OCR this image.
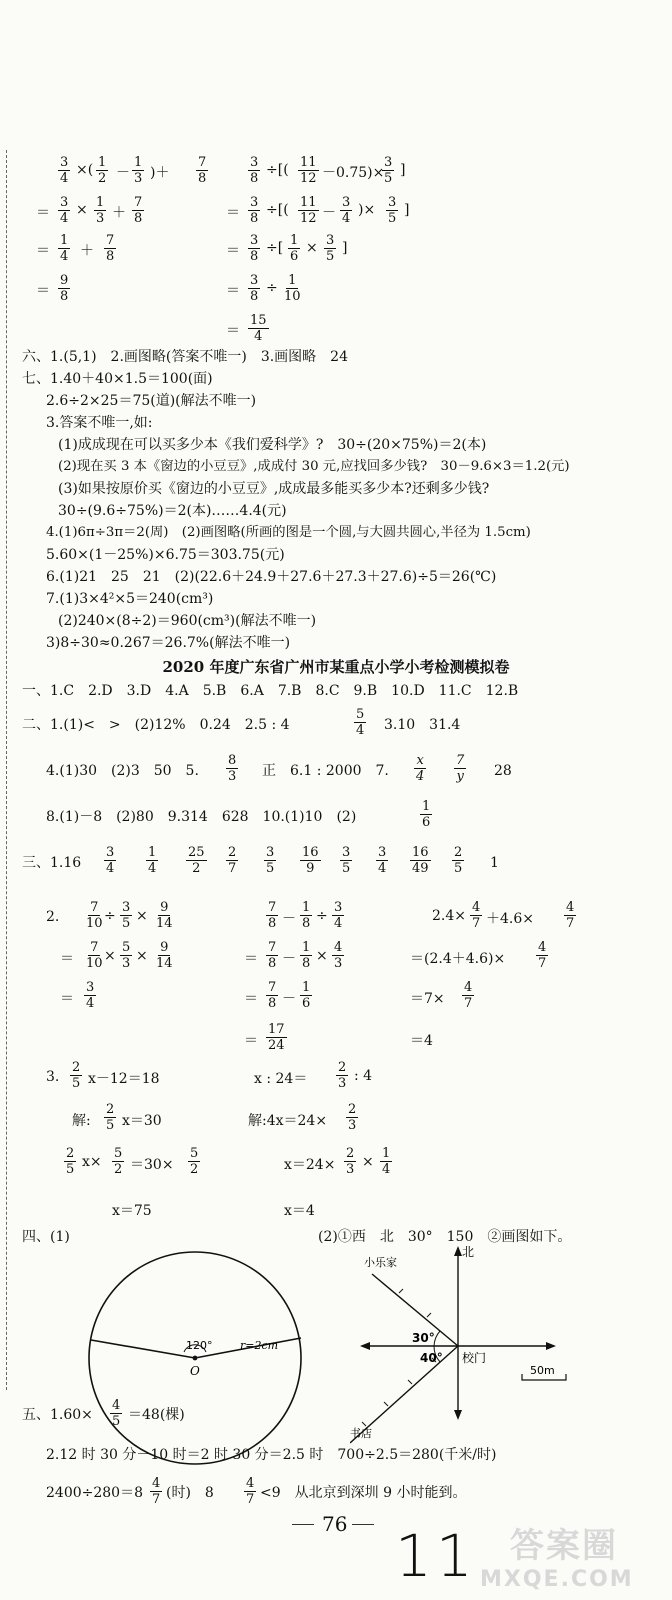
$\frac{3}{4}$ ×( $\frac{1}{2} - \frac{1}{3}$ )＋ $\frac{7}{8}$
＝ $\frac{3}{4} \times \frac{1}{3} + \frac{7}{8}$
＝ $\frac{1}{4} + \frac{7}{8}$
＝ $\frac{9}{8}$
$\frac{3}{8}$ ÷[( $\frac{11}{12} -0.75)\times$
$\frac{3}{5}$ ]
＝ $\frac{3}{8}$ ÷[( $\frac{11}{12} - \frac{3}{4}$ )× $\frac{3}{5}$ ]
＝ $\frac{3}{8}$ ÷[ $\frac{1}{6} \times \frac{3}{5}$ ]
＝ $\frac{3}{8} \div \frac{1}{10}$
＝ $\frac{15}{4}$
六、1.(5,1)　2.画图略(答案不唯一)　3.画图略　24
七、1.40＋40×1.5＝100(面)
2.6÷2×25＝75(道)(解法不唯一)
3.答案不唯一,如:
(1)成成现在可以买多少本《我们爱科学》?　30÷(20×75%)＝2(本)
(2)现在买 3 本《窗边的小豆豆》,成成付 30 元,应找回多少钱?　30－9.6×3＝1.2(元)
(3)如果按原价买《窗边的小豆豆》,成成最多能买多少本?还剩多少钱?
30÷(9.6÷75%)＝2(本)……4.4(元)
4.(1)6π÷3π＝2(周)　(2)画图略(所画的图是一个圆,与大圆共圆心,半径为 1.5cm)
5.60×(1－25%)×6.75＝303.75(元)
6.(1)21　25　21　(2)(22.6＋24.9＋27.6＋27.3＋27.6)÷5＝26(℃)
7.(1)3×4²×5＝240(cm³)
(2)240×(8÷2)＝960(cm³)(解法不唯一)
3)8÷30≈0.267＝26.7%(解法不唯一)
2020 年度广东省广州市某重点小学小考检测模拟卷
一、1.C　2.D　3.D　4.A　5.B　6.A　7.B　8.C　9.B　10.D　11.C　12.B
二、1.(1)<　>　(2)12%　0.24　2.5 : 4	$\frac{5}{4} 3.10$　31.4
4.(1)30　(2)3　50　5. $\frac{8}{3}$ 正　6.1 : 2000　7. $\frac{x}{4} \frac{7}{y} 28$
8.(1)－8　(2)80　9.314　628　10.(1)10　(2)	$\frac{1}{6}$
三、$1.16 \frac{3}{4} \frac{1}{4} \frac{25}{2} \frac{2}{7} \frac{3}{5} \frac{16}{9} \frac{3}{5} \frac{3}{4} \frac{16}{49} \frac{2}{5} 1$
2. $\frac{7}{10} \div \frac{3}{5} \times \frac{9}{14}$
＝ $\frac{7}{10} \times \frac{5}{3} \times \frac{9}{14}$
＝ $\frac{3}{4}$
$\frac{7}{8} - \frac{1}{8} \div \frac{3}{4}$
＝ $\frac{7}{8} - \frac{1}{8} \times \frac{4}{3}$
＝ $\frac{7}{8} - \frac{1}{6}$
＝ $\frac{17}{24}$
$2.4\times \frac{4}{7} +4.6\times \frac{4}{7}$
$=(2.4+4.6)\times \frac{4}{7}$
$=7\times \frac{4}{7}$
＝4
3. $\frac{2}{5} x-12=18$
解: $\frac{2}{5} x=30$
$\frac{2}{5} x\times \frac{5}{2} =30\times \frac{5}{2}$
x＝75
x : $24= \frac{2}{3}$ : 4
解:4x＝24× $\frac{2}{3}$
$x=24\times \frac{2}{3} \times \frac{1}{4}$
x＝4
四、(1)	(2)①西　北　30°　150　②画图如下。
120°	r=2cm
O
北
小乐家
校门
书店
30°
40°
50m
五、$1.60\times \frac{4}{5} =48$(棵)
2.12 时 30 分－10 时＝2 时 30 分＝2.5 时　700÷2.5＝280(千米/时)
$2400\div 280=8 \frac{4}{7}$ (时)　$8 \frac{4}{7} <9$　从北京到深圳 9 小时能到。
76 11 答案圈
MXQE.COM
